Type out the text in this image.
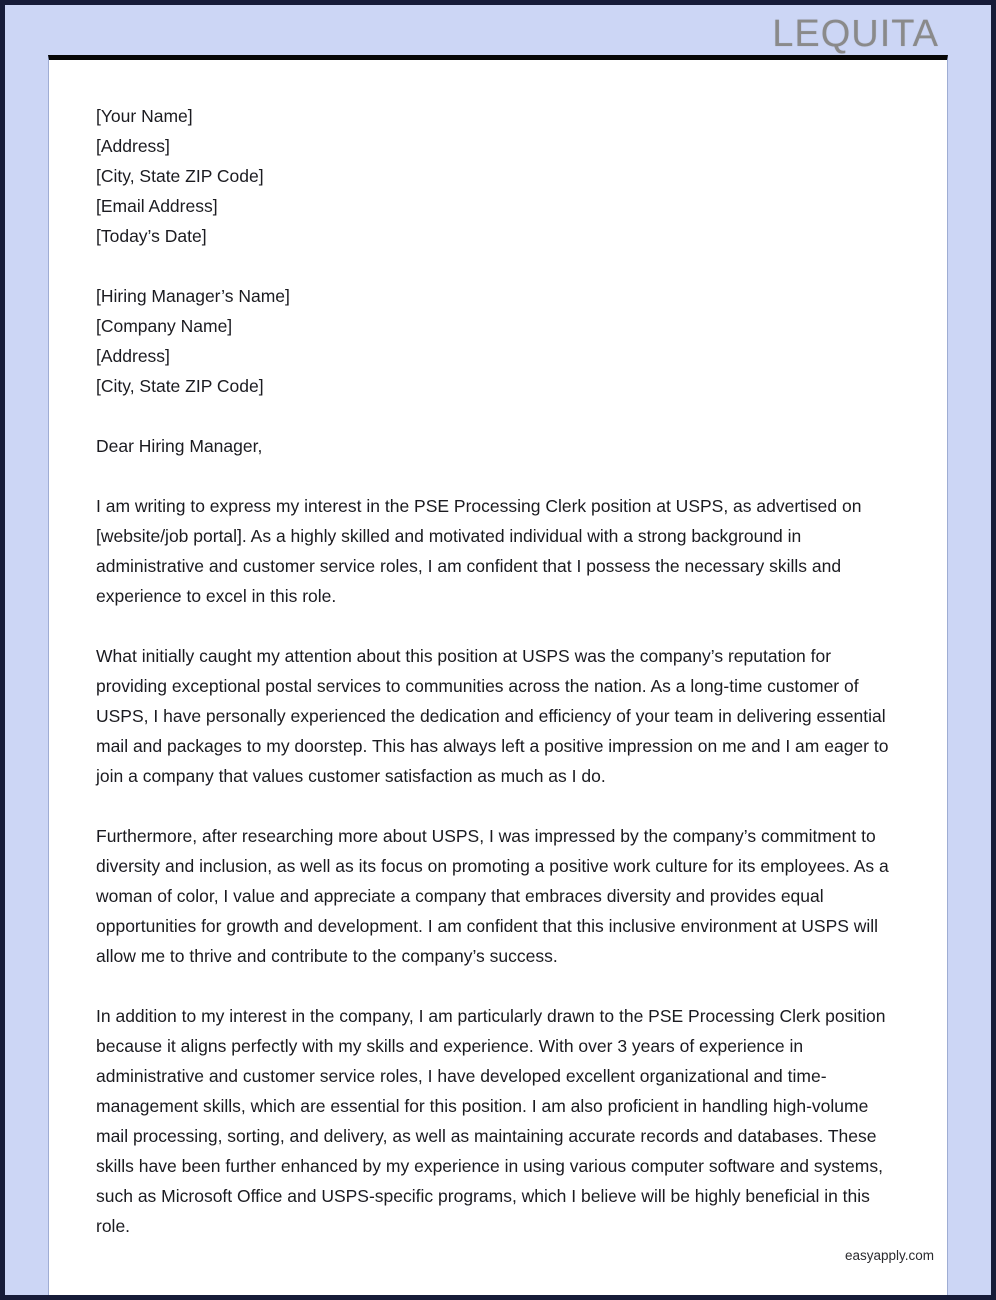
LEQUITA
[Your Name]
[Address]
[City, State ZIP Code]
[Email Address]
[Today’s Date]
[Hiring Manager’s Name]
[Company Name]
[Address]
[City, State ZIP Code]
Dear Hiring Manager,

I am writing to express my interest in the PSE Processing Clerk position at USPS, as advertised on [website/job portal]. As a highly skilled and motivated individual with a strong background in administrative and customer service roles, I am confident that I possess the necessary skills and experience to excel in this role.

What initially caught my attention about this position at USPS was the company’s reputation for providing exceptional postal services to communities across the nation. As a long-time customer of USPS, I have personally experienced the dedication and efficiency of your team in delivering essential mail and packages to my doorstep. This has always left a positive impression on me and I am eager to join a company that values customer satisfaction as much as I do.

Furthermore, after researching more about USPS, I was impressed by the company’s commitment to diversity and inclusion, as well as its focus on promoting a positive work culture for its employees. As a woman of color, I value and appreciate a company that embraces diversity and provides equal opportunities for growth and development. I am confident that this inclusive environment at USPS will allow me to thrive and contribute to the company’s success.

In addition to my interest in the company, I am particularly drawn to the PSE Processing Clerk position because it aligns perfectly with my skills and experience. With over 3 years of experience in administrative and customer service roles, I have developed excellent organizational and time-management skills, which are essential for this position. I am also proficient in handling high-volume mail processing, sorting, and delivery, as well as maintaining accurate records and databases. These skills have been further enhanced by my experience in using various computer software and systems, such as Microsoft Office and USPS-specific programs, which I believe will be highly beneficial in this role.

easyapply.com
